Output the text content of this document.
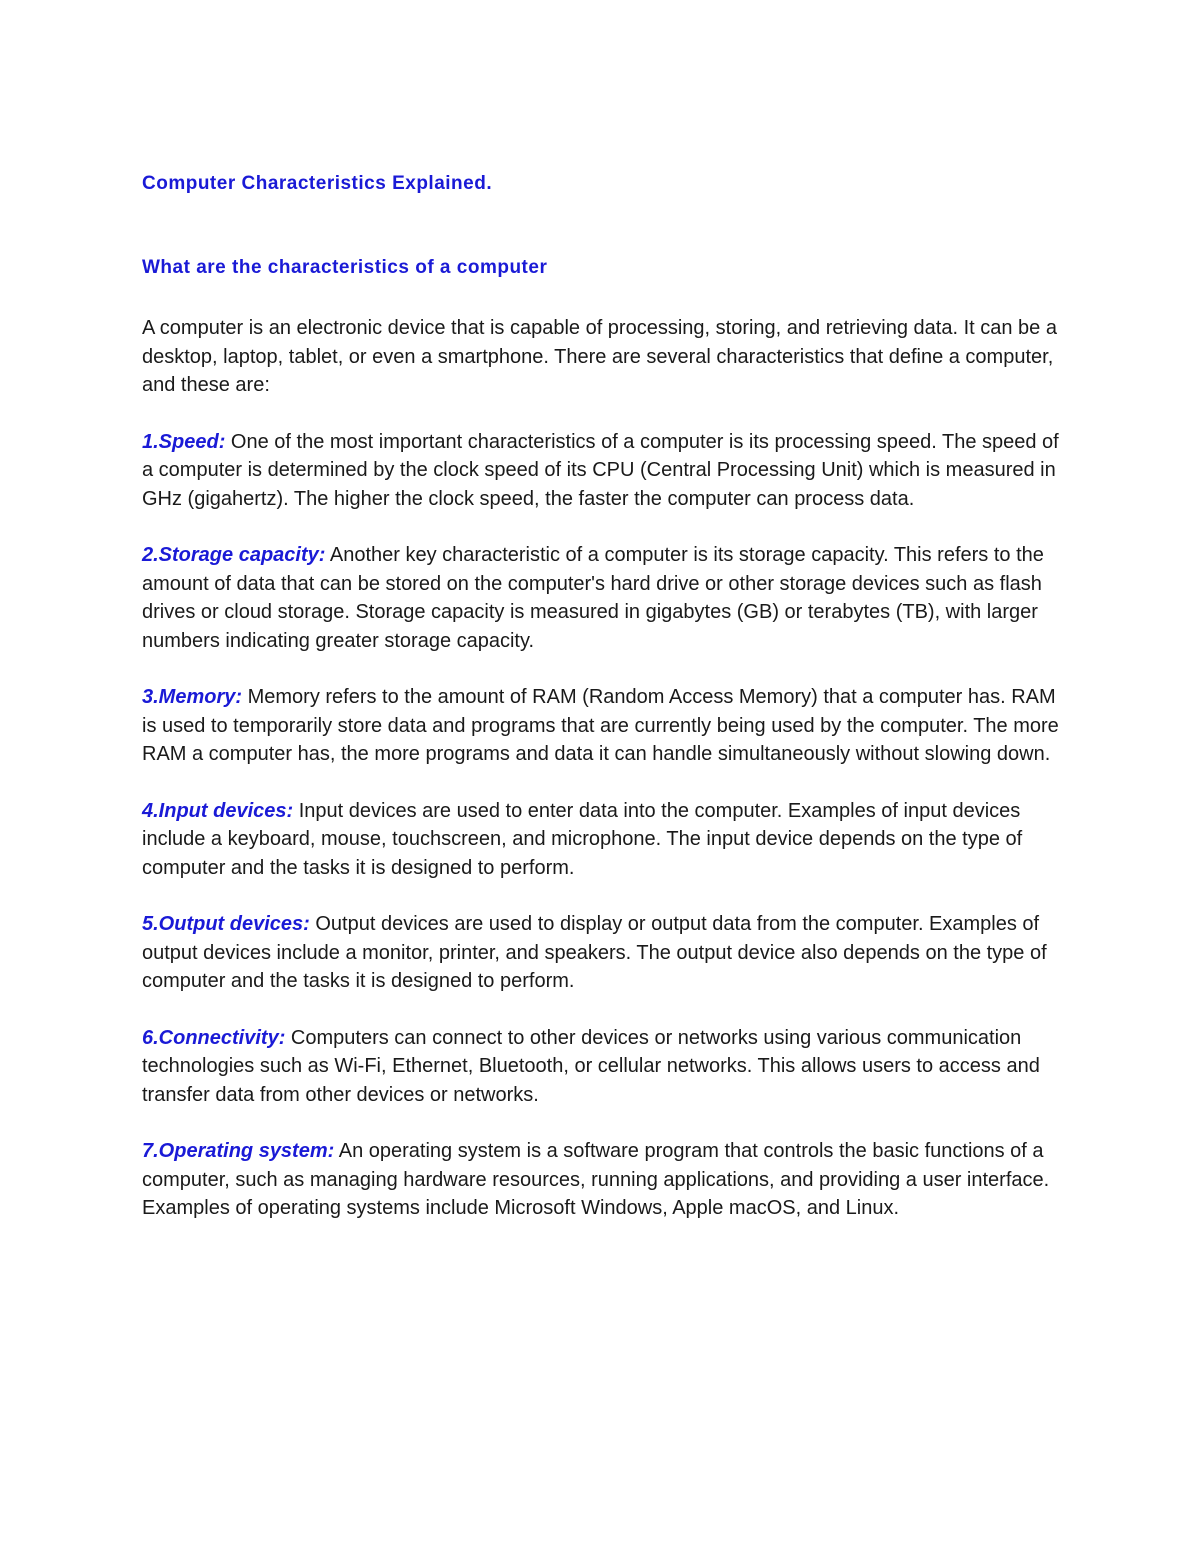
Computer Characteristics Explained.
What are the characteristics of a computer

A computer is an electronic device that is capable of processing, storing, and retrieving data. It can be a desktop, laptop, tablet, or even a smartphone. There are several characteristics that define a computer, and these are:

1.Speed: One of the most important characteristics of a computer is its processing speed. The speed of a computer is determined by the clock speed of its CPU (Central Processing Unit) which is measured in GHz (gigahertz). The higher the clock speed, the faster the computer can process data.

2.Storage capacity: Another key characteristic of a computer is its storage capacity. This refers to the amount of data that can be stored on the computer's hard drive or other storage devices such as flash drives or cloud storage. Storage capacity is measured in gigabytes (GB) or terabytes (TB), with larger numbers indicating greater storage capacity.

3.Memory: Memory refers to the amount of RAM (Random Access Memory) that a computer has. RAM is used to temporarily store data and programs that are currently being used by the computer. The more RAM a computer has, the more programs and data it can handle simultaneously without slowing down.

4.Input devices: Input devices are used to enter data into the computer. Examples of input devices include a keyboard, mouse, touchscreen, and microphone. The input device depends on the type of computer and the tasks it is designed to perform.

5.Output devices: Output devices are used to display or output data from the computer. Examples of output devices include a monitor, printer, and speakers. The output device also depends on the type of computer and the tasks it is designed to perform.

6.Connectivity: Computers can connect to other devices or networks using various communication technologies such as Wi-Fi, Ethernet, Bluetooth, or cellular networks. This allows users to access and transfer data from other devices or networks.

7.Operating system: An operating system is a software program that controls the basic functions of a computer, such as managing hardware resources, running applications, and providing a user interface. Examples of operating systems include Microsoft Windows, Apple macOS, and Linux.
